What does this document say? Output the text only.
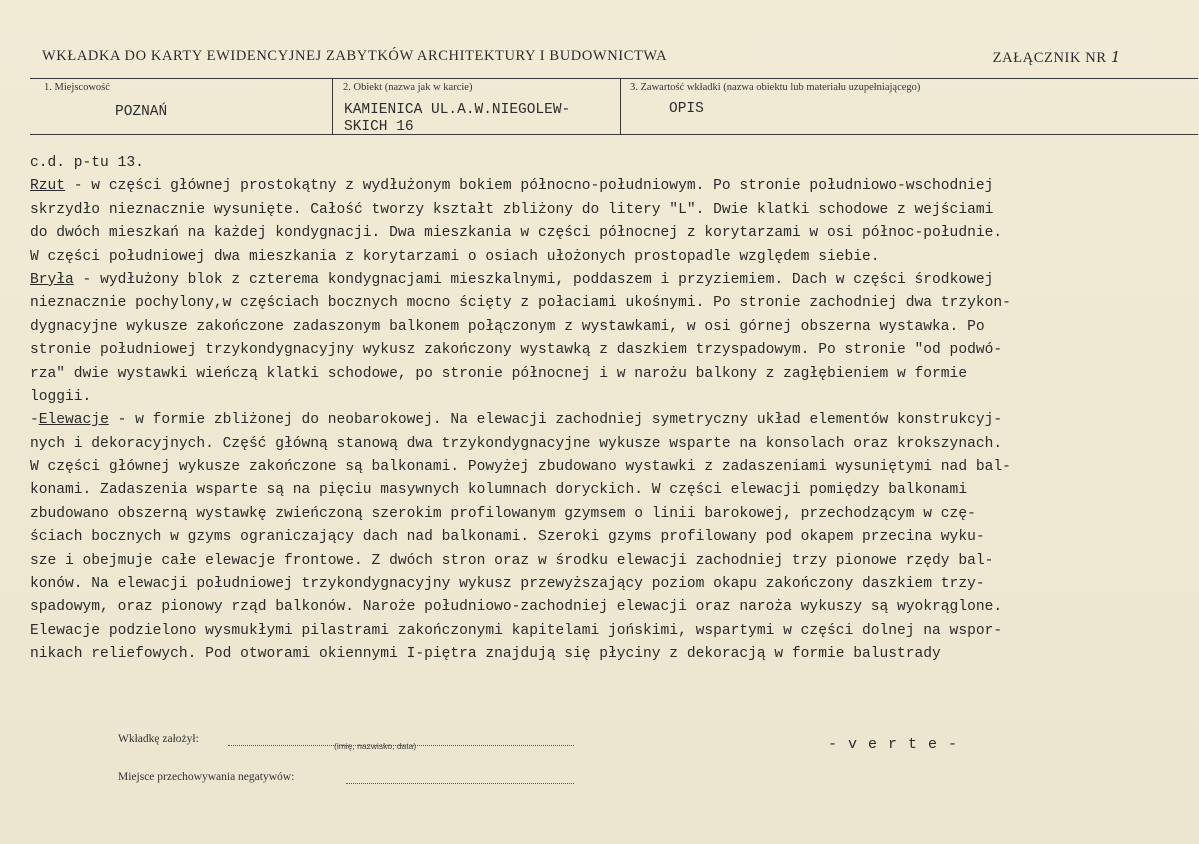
WKŁADKA DO KARTY EWIDENCYJNEJ ZABYTKÓW ARCHITEKTURY I BUDOWNICTWA	ZAŁĄCZNIK NR 1
1. Miejscowość
POZNAŃ
2. Obiekt (nazwa jak w karcie)
KAMIENICA UL.A.W.NIEGOLEW-
SKICH 16
3. Zawartość wkładki (nazwa obiektu lub materiału uzupełniającego)
OPIS
c.d. p-tu 13.
Rzut - w części głównej prostokątny z wydłużonym bokiem północno-południowym. Po stronie południowo-wschodniej
skrzydło nieznacznie wysunięte. Całość tworzy kształt zbliżony do litery "L". Dwie klatki schodowe z wejściami
do dwóch mieszkań na każdej kondygnacji. Dwa mieszkania w części północnej z korytarzami w osi północ-południe.
W części południowej dwa mieszkania z korytarzami o osiach ułożonych prostopadle względem siebie.
Bryła - wydłużony blok z czterema kondygnacjami mieszkalnymi, poddaszem i przyziemiem. Dach w części środkowej
nieznacznie pochylony,w częściach bocznych mocno ścięty z połaciami ukośnymi. Po stronie zachodniej dwa trzykon-
dygnacyjne wykusze zakończone zadaszonym balkonem połączonym z wystawkami, w osi górnej obszerna wystawka. Po
stronie południowej trzykondygnacyjny wykusz zakończony wystawką z daszkiem trzyspadowym. Po stronie "od podwó-
rza" dwie wystawki wieńczą klatki schodowe, po stronie północnej i w narożu balkony z zagłębieniem w formie
loggii.
-Elewacje - w formie zbliżonej do neobarokowej. Na elewacji zachodniej symetryczny układ elementów konstrukcyj-
nych i dekoracyjnych. Część główną stanową dwa trzykondygnacyjne wykusze wsparte na konsolach oraz krokszynach.
W części głównej wykusze zakończone są balkonami. Powyżej zbudowano wystawki z zadaszeniami wysuniętymi nad bal-
konami. Zadaszenia wsparte są na pięciu masywnych kolumnach doryckich. W części elewacji pomiędzy balkonami
zbudowano obszerną wystawkę zwieńczoną szerokim profilowanym gzymsem o linii barokowej, przechodzącym w czę-
ściach bocznych w gzyms ograniczający dach nad balkonami. Szeroki gzyms profilowany pod okapem przecina wyku-
sze i obejmuje całe elewacje frontowe. Z dwóch stron oraz w środku elewacji zachodniej trzy pionowe rzędy bal-
konów. Na elewacji południowej trzykondygnacyjny wykusz przewyższający poziom okapu zakończony daszkiem trzy-
spadowym, oraz pionowy rząd balkonów. Naroże południowo-zachodniej elewacji oraz naroża wykuszy są wyokrąglone.
Elewacje podzielono wysmukłymi pilastrami zakończonymi kapitelami jońskimi, wspartymi w części dolnej na wspor-
nikach reliefowych. Pod otworami okiennymi I-piętra znajdują się płyciny z dekoracją w formie balustrady
Wkładkę założył:
(imię, nazwisko, data)	- v e r t e -
Miejsce przechowywania negatywów:
